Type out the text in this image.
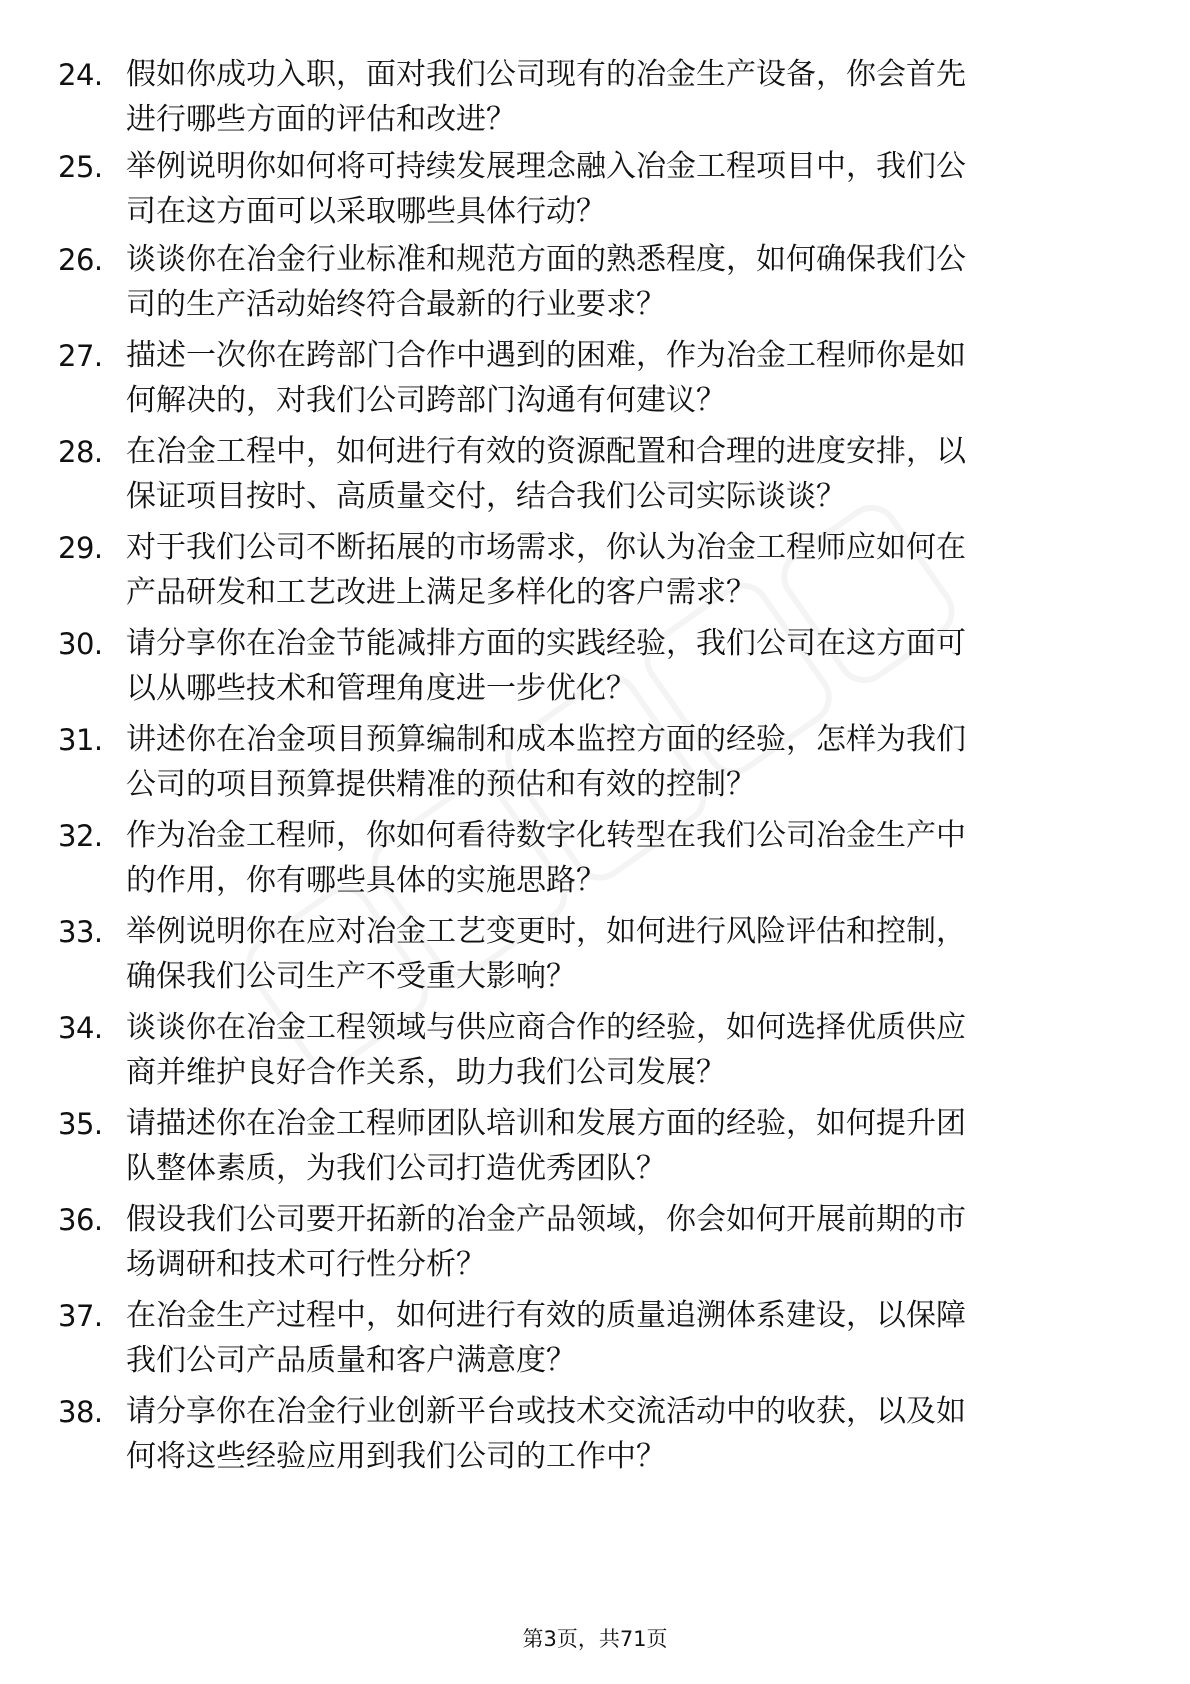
24. 假如你成功入职，面对我们公司现有的冶金生产设备，你会首先
进行哪些方面的评估和改进？
25. 举例说明你如何将可持续发展理念融入冶金工程项目中，我们公
司在这方面可以采取哪些具体行动？
26. 谈谈你在冶金行业标准和规范方面的熟悉程度，如何确保我们公
司的生产活动始终符合最新的行业要求？
27. 描述一次你在跨部门合作中遇到的困难，作为冶金工程师你是如
何解决的，对我们公司跨部门沟通有何建议？
28. 在冶金工程中，如何进行有效的资源配置和合理的进度安排，以
保证项目按时、高质量交付，结合我们公司实际谈谈？
29. 对于我们公司不断拓展的市场需求，你认为冶金工程师应如何在
产品研发和工艺改进上满足多样化的客户需求？
30. 请分享你在冶金节能减排方面的实践经验，我们公司在这方面可
以从哪些技术和管理角度进一步优化？
31. 讲述你在冶金项目预算编制和成本监控方面的经验，怎样为我们
公司的项目预算提供精准的预估和有效的控制？
32. 作为冶金工程师，你如何看待数字化转型在我们公司冶金生产中
的作用，你有哪些具体的实施思路？
33. 举例说明你在应对冶金工艺变更时，如何进行风险评估和控制，
确保我们公司生产不受重大影响？
34. 谈谈你在冶金工程领域与供应商合作的经验，如何选择优质供应
商并维护良好合作关系，助力我们公司发展？
35. 请描述你在冶金工程师团队培训和发展方面的经验，如何提升团
队整体素质，为我们公司打造优秀团队？
36. 假设我们公司要开拓新的冶金产品领域，你会如何开展前期的市
场调研和技术可行性分析？
37. 在冶金生产过程中，如何进行有效的质量追溯体系建设，以保障
我们公司产品质量和客户满意度？
38. 请分享你在冶金行业创新平台或技术交流活动中的收获，以及如
何将这些经验应用到我们公司的工作中？
第3页，共71页
